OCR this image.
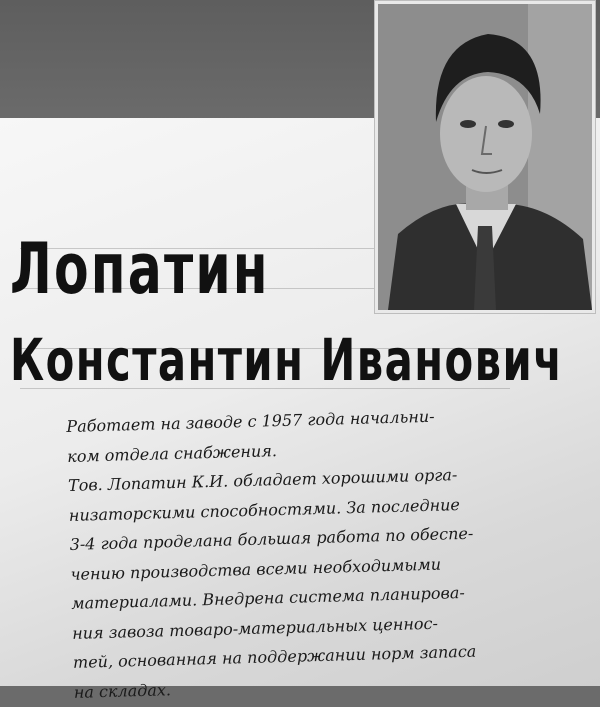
Лопатин
Константин Иванович
Работает на заводе с 1957 года начальни-
ком отдела снабжения.
Тов. Лопатин К.И. обладает хорошими орга-
низаторскими способностями. За последние
3-4 года проделана большая работа по обеспе-
чению производства всеми необходимыми
материалами. Внедрена система планирова-
ния завоза товаро-материальных ценнос-
тей, основанная на поддержании норм запаса
на складах.
